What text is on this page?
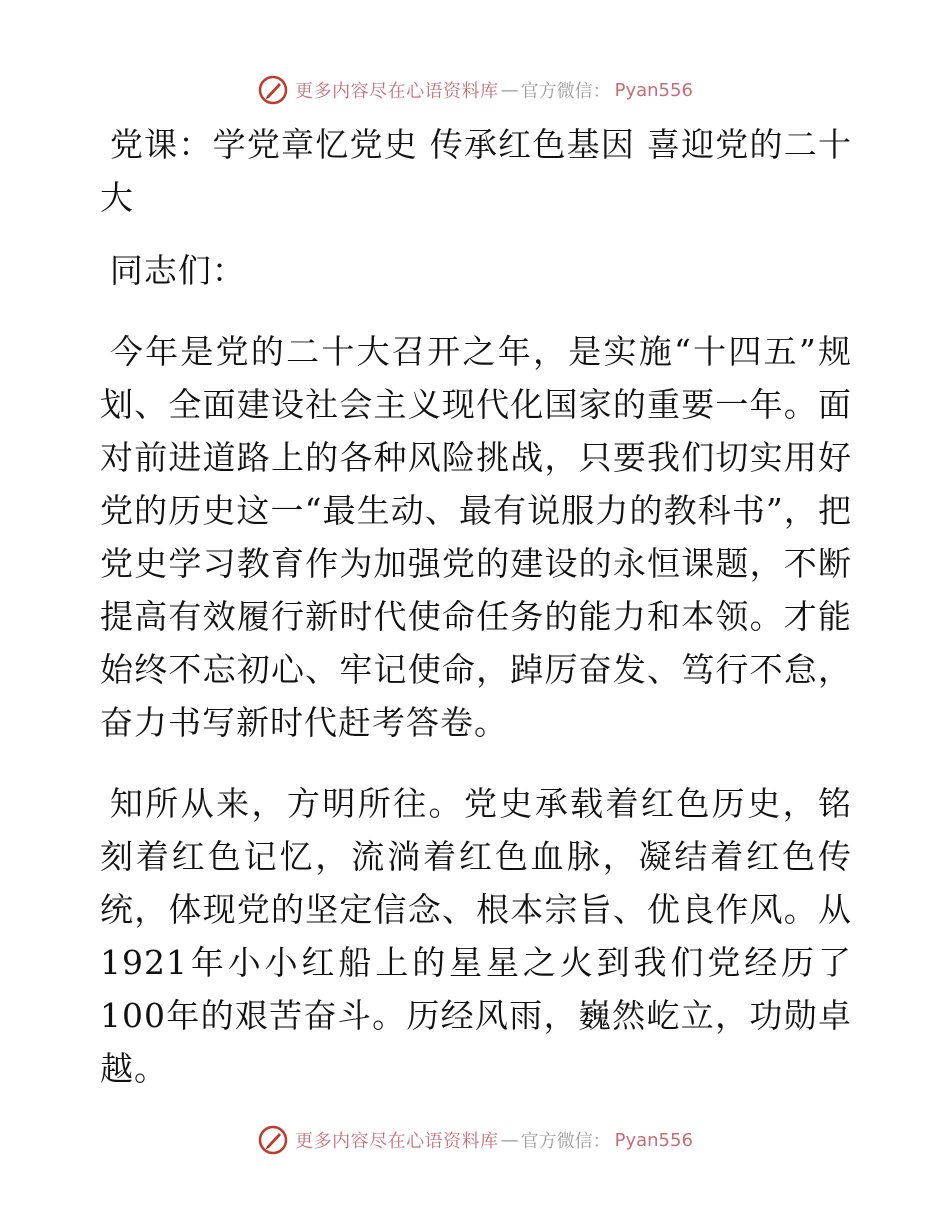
更多内容尽在心语资料库 — 官方微信： Pyan556

党课：学党章忆党史 传承红色基因 喜迎党的二十大

同志们：

今年是党的二十大召开之年，是实施“十四五”规划、全面建设社会主义现代化国家的重要一年。面对前进道路上的各种风险挑战，只要我们切实用好党的历史这一“最生动、最有说服力的教科书”，把党史学习教育作为加强党的建设的永恒课题，不断提高有效履行新时代使命任务的能力和本领。才能始终不忘初心、牢记使命，踔厉奋发、笃行不怠，奋力书写新时代赶考答卷。

知所从来，方明所往。党史承载着红色历史，铭刻着红色记忆，流淌着红色血脉，凝结着红色传统，体现党的坚定信念、根本宗旨、优良作风。从1921年小小红船上的星星之火到我们党经历了100年的艰苦奋斗。历经风雨，巍然屹立，功勋卓越。

更多内容尽在心语资料库 — 官方微信： Pyan556
